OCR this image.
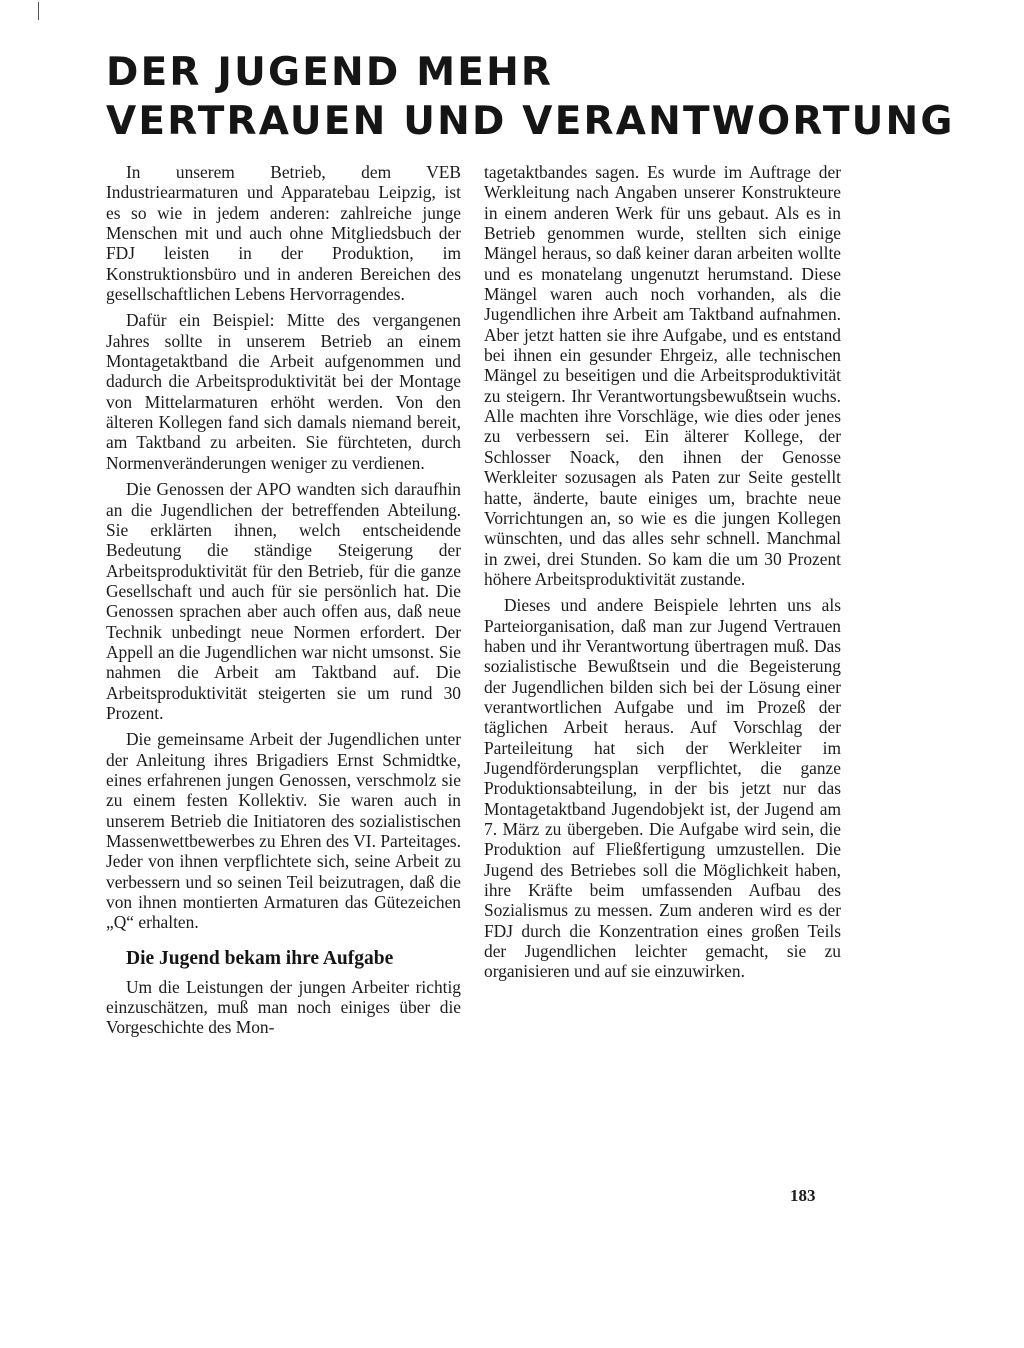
DER JUGEND MEHR
VERTRAUEN UND VERANTWORTUNG

In unserem Betrieb, dem VEB Industriearmaturen und Apparatebau Leipzig, ist es so wie in jedem anderen: zahlreiche junge Menschen mit und auch ohne Mitgliedsbuch der FDJ leisten in der Produktion, im Konstruktionsbüro und in anderen Bereichen des gesellschaftlichen Lebens Hervorragendes.

Dafür ein Beispiel: Mitte des vergangenen Jahres sollte in unserem Betrieb an einem Montagetaktband die Arbeit aufgenommen und dadurch die Arbeitsproduktivität bei der Montage von Mittelarmaturen erhöht werden. Von den älteren Kollegen fand sich damals niemand bereit, am Taktband zu arbeiten. Sie fürchteten, durch Normenveränderungen weniger zu verdienen.

Die Genossen der APO wandten sich daraufhin an die Jugendlichen der betreffenden Abteilung. Sie erklärten ihnen, welch entscheidende Bedeutung die ständige Steigerung der Arbeitsproduktivität für den Betrieb, für die ganze Gesellschaft und auch für sie persönlich hat. Die Genossen sprachen aber auch offen aus, daß neue Technik unbedingt neue Normen erfordert. Der Appell an die Jugendlichen war nicht umsonst. Sie nahmen die Arbeit am Taktband auf. Die Arbeitsproduktivität steigerten sie um rund 30 Prozent.

Die gemeinsame Arbeit der Jugendlichen unter der Anleitung ihres Brigadiers Ernst Schmidtke, eines erfahrenen jungen Genossen, verschmolz sie zu einem festen Kollektiv. Sie waren auch in unserem Betrieb die Initiatoren des sozialistischen Massenwettbewerbes zu Ehren des VI. Parteitages. Jeder von ihnen verpflichtete sich, seine Arbeit zu verbessern und so seinen Teil beizutragen, daß die von ihnen montierten Armaturen das Gütezeichen „Q“ erhalten.

Die Jugend bekam ihre Aufgabe

Um die Leistungen der jungen Arbeiter richtig einzuschätzen, muß man noch einiges über die Vorgeschichte des Mon-

tagetaktbandes sagen. Es wurde im Auftrage der Werkleitung nach Angaben unserer Konstrukteure in einem anderen Werk für uns gebaut. Als es in Betrieb genommen wurde, stellten sich einige Mängel heraus, so daß keiner daran arbeiten wollte und es monatelang ungenutzt herumstand. Diese Mängel waren auch noch vorhanden, als die Jugendlichen ihre Arbeit am Taktband aufnahmen. Aber jetzt hatten sie ihre Aufgabe, und es entstand bei ihnen ein gesunder Ehrgeiz, alle technischen Mängel zu beseitigen und die Arbeitsproduktivität zu steigern. Ihr Verantwortungsbewußtsein wuchs. Alle machten ihre Vorschläge, wie dies oder jenes zu verbessern sei. Ein älterer Kollege, der Schlosser Noack, den ihnen der Genosse Werkleiter sozusagen als Paten zur Seite gestellt hatte, änderte, baute einiges um, brachte neue Vorrichtungen an, so wie es die jungen Kollegen wünschten, und das alles sehr schnell. Manchmal in zwei, drei Stunden. So kam die um 30 Prozent höhere Arbeitsproduktivität zustande.

Dieses und andere Beispiele lehrten uns als Parteiorganisation, daß man zur Jugend Vertrauen haben und ihr Verantwortung übertragen muß. Das sozialistische Bewußtsein und die Begeisterung der Jugendlichen bilden sich bei der Lösung einer verantwortlichen Aufgabe und im Prozeß der täglichen Arbeit heraus. Auf Vorschlag der Parteileitung hat sich der Werkleiter im Jugendförderungsplan verpflichtet, die ganze Produktionsabteilung, in der bis jetzt nur das Montagetaktband Jugendobjekt ist, der Jugend am 7. März zu übergeben. Die Aufgabe wird sein, die Produktion auf Fließfertigung umzustellen. Die Jugend des Betriebes soll die Möglichkeit haben, ihre Kräfte beim umfassenden Aufbau des Sozialismus zu messen. Zum anderen wird es der FDJ durch die Konzentration eines großen Teils der Jugendlichen leichter gemacht, sie zu organisieren und auf sie einzuwirken.

183
